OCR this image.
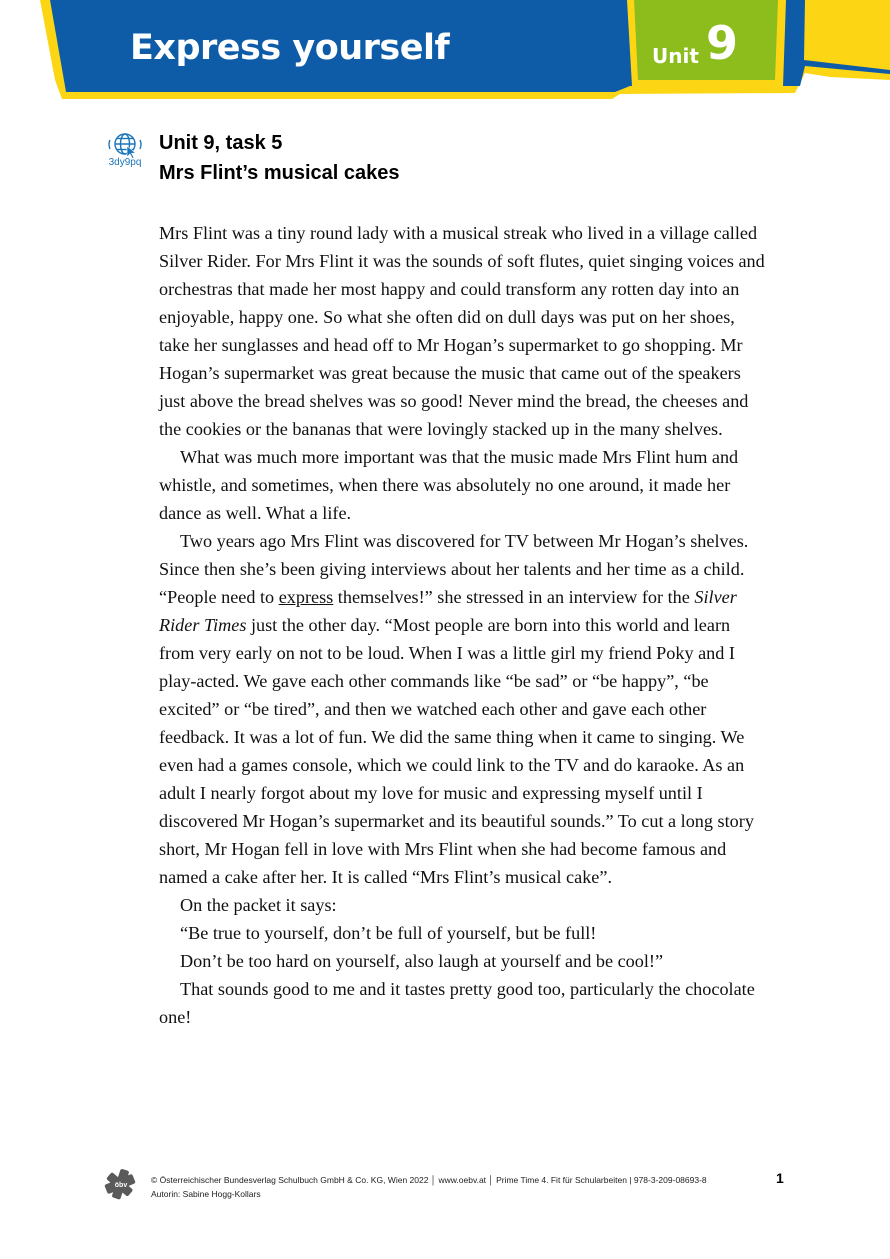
Express yourself	Unit 9
3dy9pq
Unit 9, task 5
Mrs Flint’s musical cakes
Mrs Flint was a tiny round lady with a musical streak who lived in a village called
Silver Rider. For Mrs Flint it was the sounds of soft flutes, quiet singing voices and
orchestras that made her most happy and could transform any rotten day into an
enjoyable, happy one. So what she often did on dull days was put on her shoes,
take her sunglasses and head off to Mr Hogan’s supermarket to go shopping. Mr
Hogan’s supermarket was great because the music that came out of the speakers
just above the bread shelves was so good! Never mind the bread, the cheeses and
the cookies or the bananas that were lovingly stacked up in the many shelves.
What was much more important was that the music made Mrs Flint hum and
whistle, and sometimes, when there was absolutely no one around, it made her
dance as well. What a life.
Two years ago Mrs Flint was discovered for TV between Mr Hogan’s shelves.
Since then she’s been giving interviews about her talents and her time as a child.
“People need to express themselves!” she stressed in an interview for the Silver
Rider Times just the other day. “Most people are born into this world and learn
from very early on not to be loud. When I was a little girl my friend Poky and I
play-acted. We gave each other commands like “be sad” or “be happy”, “be
excited” or “be tired”, and then we watched each other and gave each other
feedback. It was a lot of fun. We did the same thing when it came to singing. We
even had a games console, which we could link to the TV and do karaoke. As an
adult I nearly forgot about my love for music and expressing myself until I
discovered Mr Hogan’s supermarket and its beautiful sounds.” To cut a long story
short, Mr Hogan fell in love with Mrs Flint when she had become famous and
named a cake after her. It is called “Mrs Flint’s musical cake”.
On the packet it says:
“Be true to yourself, don’t be full of yourself, but be full!
Don’t be too hard on yourself, also laugh at yourself and be cool!”
That sounds good to me and it tastes pretty good too, particularly the chocolate
one!
öbv
© Österreichischer Bundesverlag Schulbuch GmbH & Co. KG, Wien 2022 │ www.oebv.at │ Prime Time 4. Fit für Schularbeiten | 978-3-209-08693-8
Autorin: Sabine Hogg-Kollars
1
